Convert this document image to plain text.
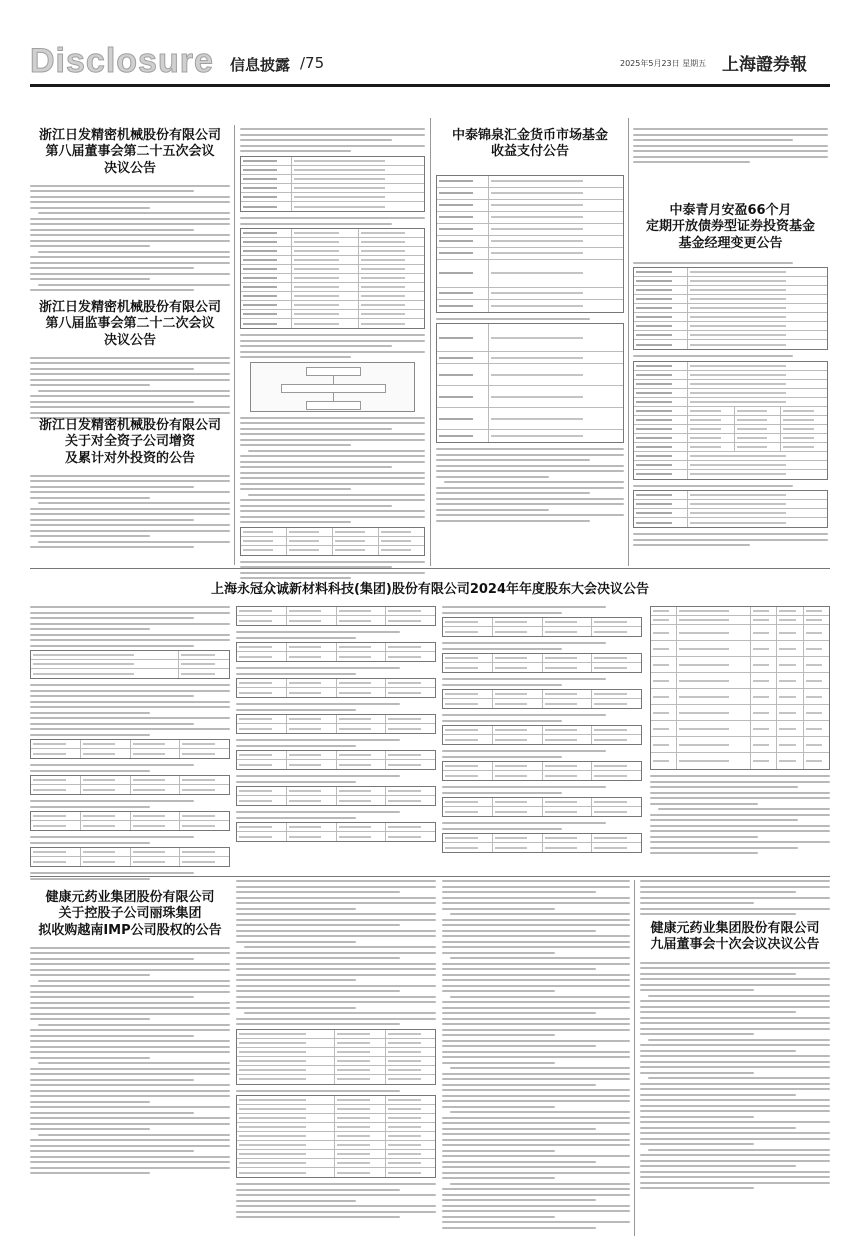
Disclosure 信息披露 /75	2025年5月23日 星期五 上海證券報
浙江日发精密机械股份有限公司
第八届董事会第二十五次会议
决议公告
浙江日发精密机械股份有限公司
第八届监事会第二十二次会议
决议公告
浙江日发精密机械股份有限公司
关于对全资子公司增资
及累计对外投资的公告
中泰锦泉汇金货币市场基金
收益支付公告
中泰青月安盈66个月
定期开放债券型证券投资基金
基金经理变更公告
上海永冠众诚新材料科技(集团)股份有限公司2024年年度股东大会决议公告
健康元药业集团股份有限公司
关于控股子公司丽珠集团
拟收购越南IMP公司股权的公告	健康元药业集团股份有限公司
九届董事会十次会议决议公告
